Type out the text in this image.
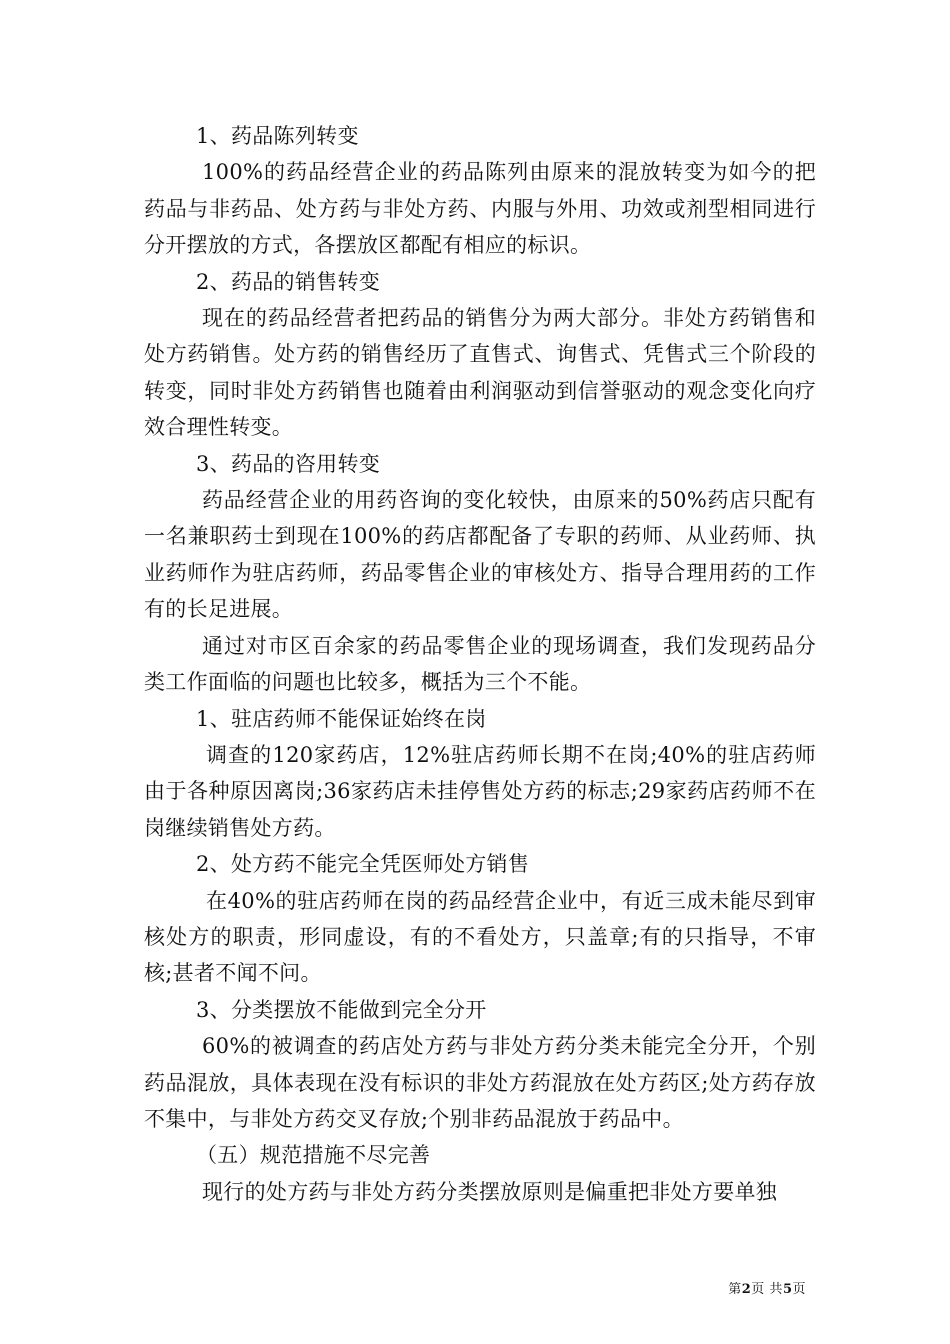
1、药品陈列转变

100%的药品经营企业的药品陈列由原来的混放转变为如今的把药品与非药品、处方药与非处方药、内服与外用、功效或剂型相同进行分开摆放的方式，各摆放区都配有相应的标识。

2、药品的销售转变

现在的药品经营者把药品的销售分为两大部分。非处方药销售和处方药销售。处方药的销售经历了直售式、询售式、凭售式三个阶段的转变，同时非处方药销售也随着由利润驱动到信誉驱动的观念变化向疗效合理性转变。

3、药品的咨用转变

药品经营企业的用药咨询的变化较快，由原来的50%药店只配有一名兼职药士到现在100%的药店都配备了专职的药师、从业药师、执业药师作为驻店药师，药品零售企业的审核处方、指导合理用药的工作有的长足进展。

通过对市区百余家的药品零售企业的现场调查，我们发现药品分类工作面临的问题也比较多，概括为三个不能。

1、驻店药师不能保证始终在岗

调查的120家药店，12%驻店药师长期不在岗;40%的驻店药师由于各种原因离岗;36家药店未挂停售处方药的标志;29家药店药师不在岗继续销售处方药。

2、处方药不能完全凭医师处方销售

在40%的驻店药师在岗的药品经营企业中，有近三成未能尽到审核处方的职责，形同虚设，有的不看处方，只盖章;有的只指导，不审核;甚者不闻不问。

3、分类摆放不能做到完全分开

60%的被调查的药店处方药与非处方药分类未能完全分开，个别药品混放，具体表现在没有标识的非处方药混放在处方药区;处方药存放不集中，与非处方药交叉存放;个别非药品混放于药品中。

（五）规范措施不尽完善

现行的处方药与非处方药分类摆放原则是偏重把非处方要单独

第2页 共5页
